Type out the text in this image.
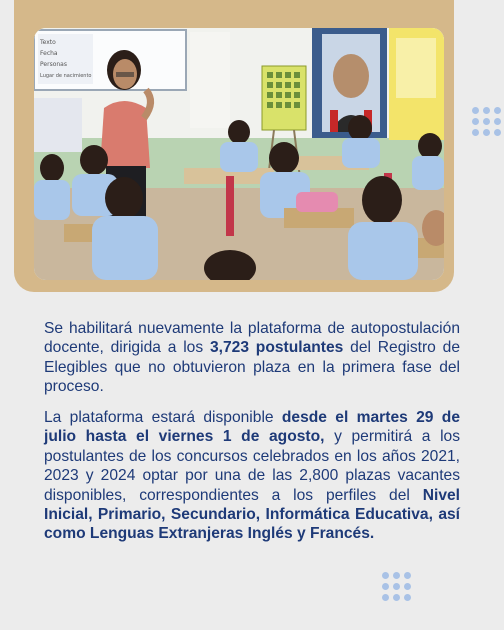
Texto
Fecha
Personas
Lugar de nacimiento

Se habilitará nuevamente la plataforma de autopostulación docente, dirigida a los 3,723 postulantes del Registro de Elegibles que no obtuvieron plaza en la primera fase del proceso.

La plataforma estará disponible desde el martes 29 de julio hasta el viernes 1 de agosto, y permitirá a los postulantes de los concursos celebrados en los años 2021, 2023 y 2024 optar por una de las 2,800 plazas vacantes disponibles, correspondientes a los perfiles del Nivel Inicial, Primario, Secundario, Informática Educativa, así como Lenguas Extranjeras Inglés y Francés.
